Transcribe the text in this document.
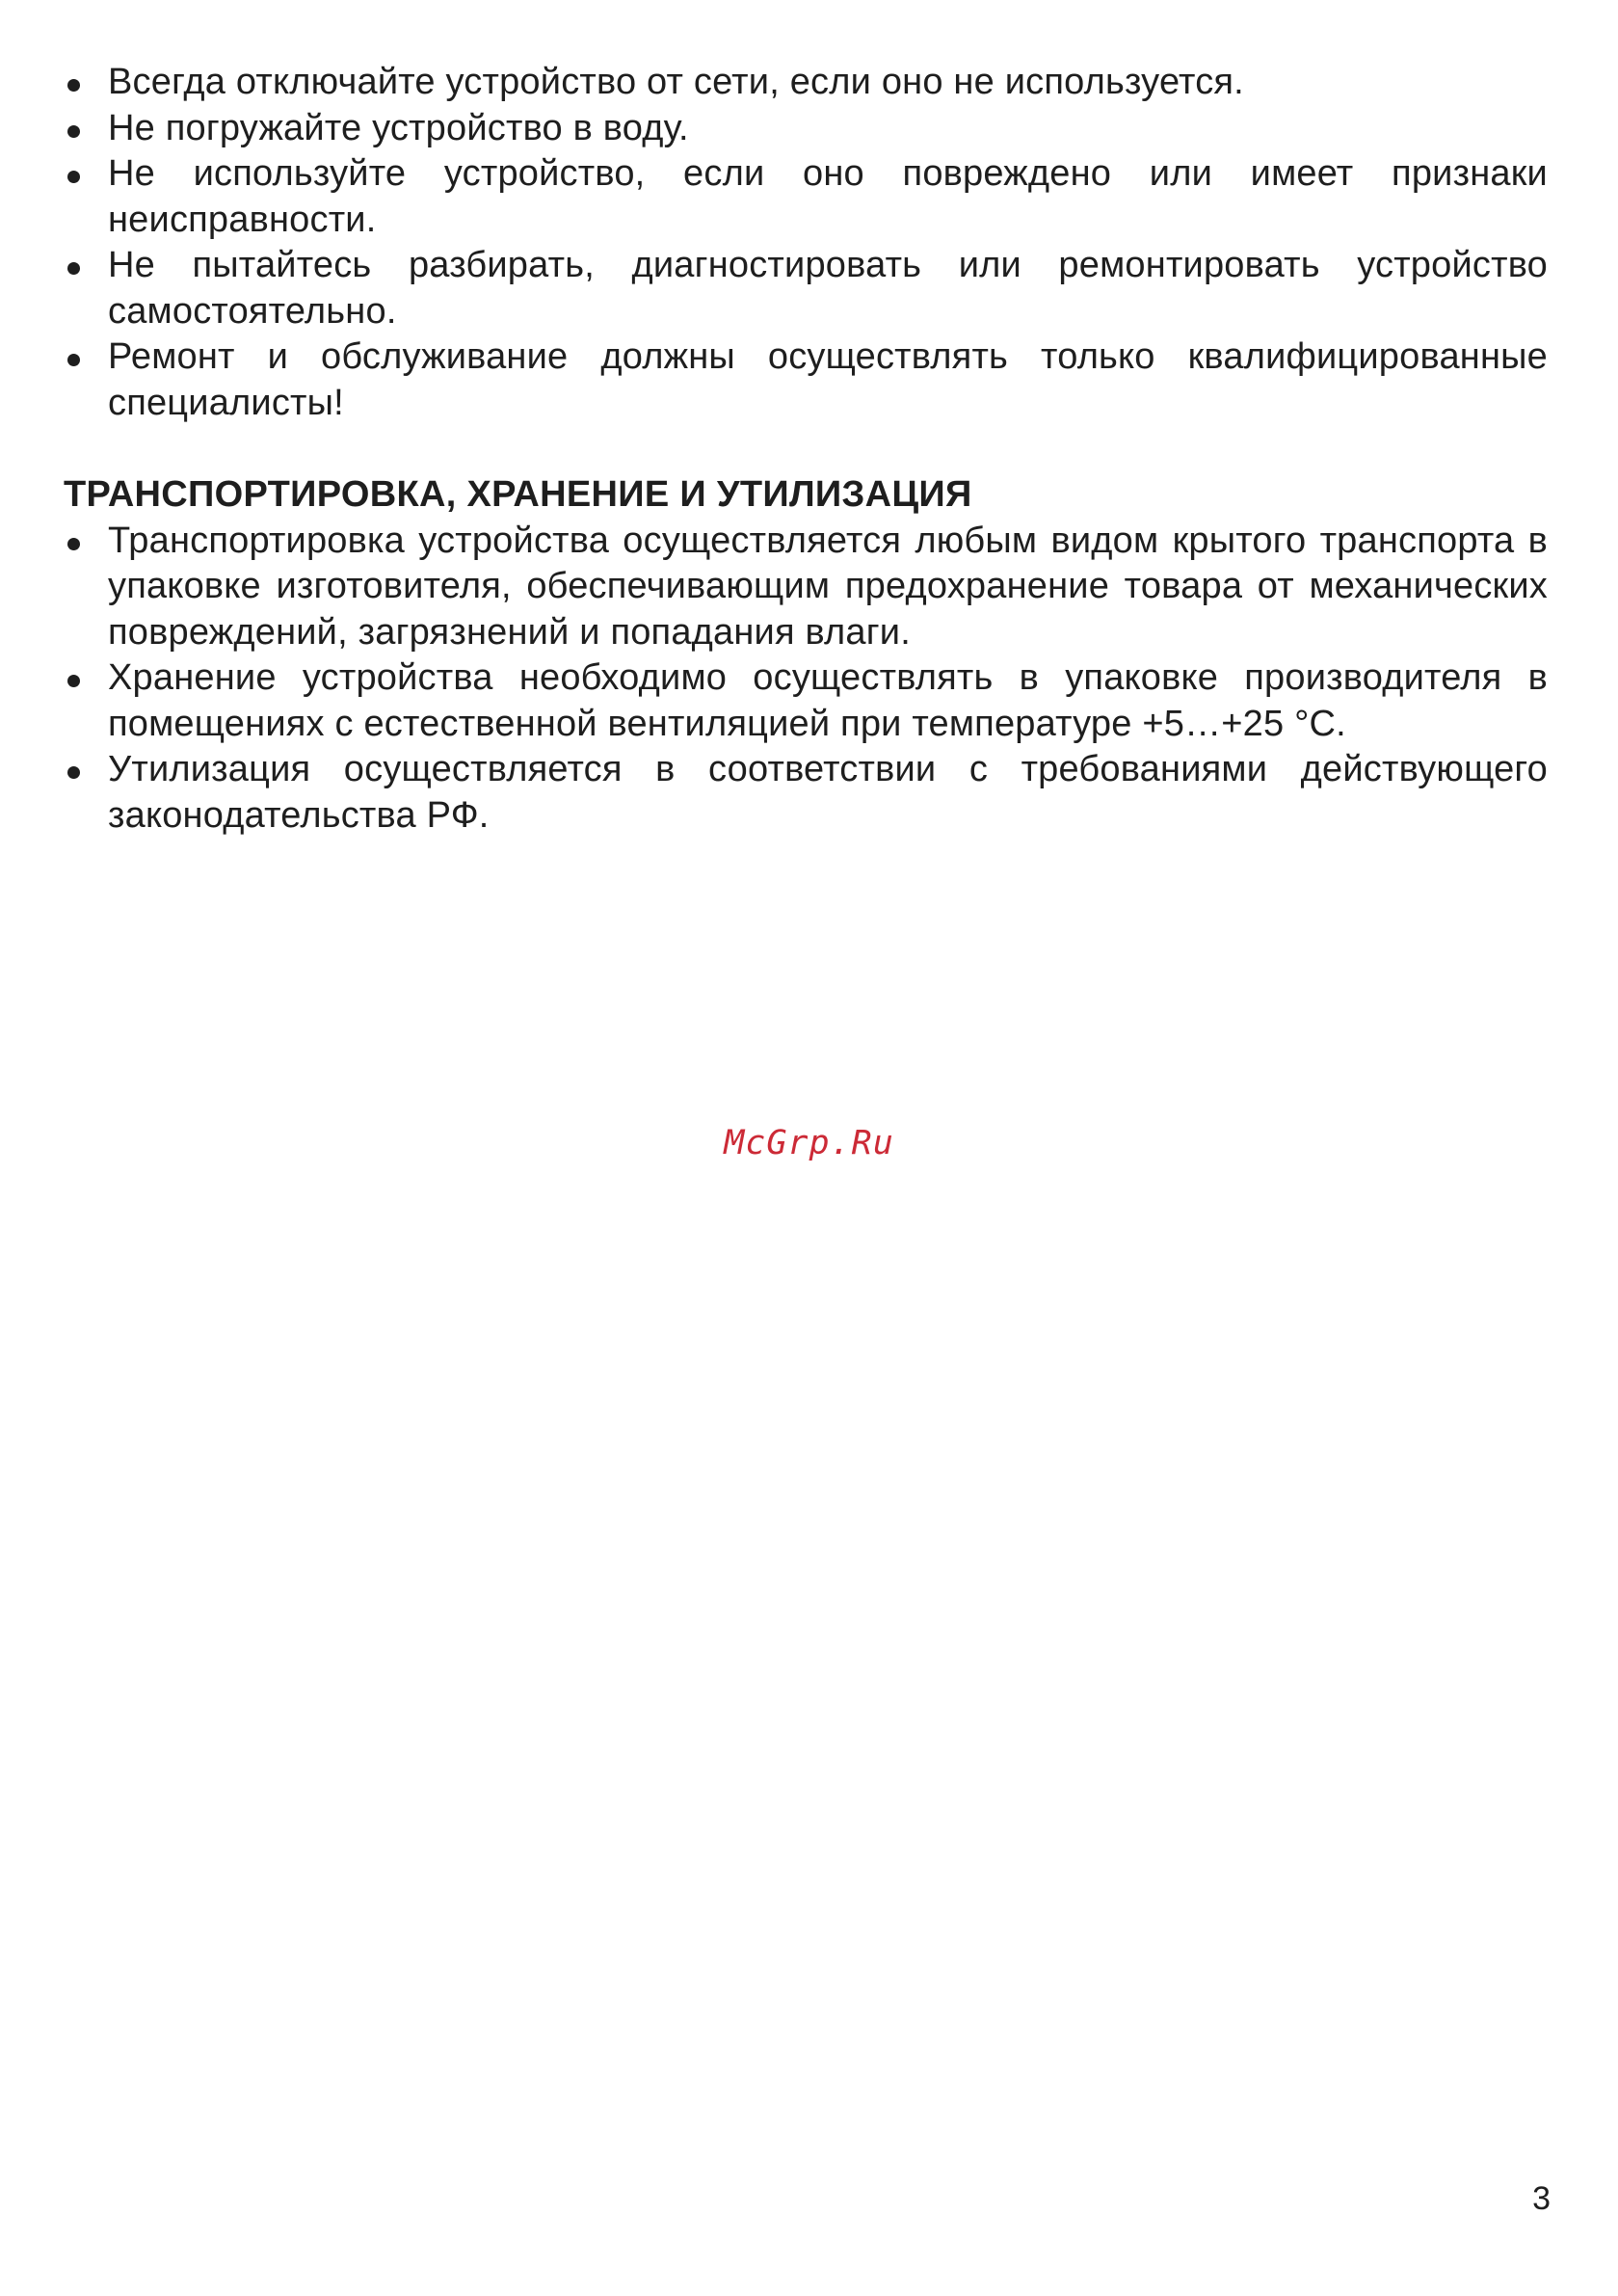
Всегда отключайте устройство от сети, если оно не используется.
Не погружайте устройство в воду.
Не используйте устройство, если оно повреждено или имеет признаки неисправности.
Не пытайтесь разбирать, диагностировать или ремонтировать устройство самостоятельно.
Ремонт и обслуживание должны осуществлять только квалифицированные специалисты!
ТРАНСПОРТИРОВКА, ХРАНЕНИЕ И УТИЛИЗАЦИЯ
Транспортировка устройства осуществляется любым видом крытого транспорта в упаковке изготовителя, обеспечивающим предохранение товара от механических повреждений, загрязнений и попадания влаги.
Хранение устройства необходимо осуществлять в упаковке производителя в помещениях с естественной вентиляцией при температуре +5…+25 °С.
Утилизация осуществляется в соответствии с требованиями действующего законодательства РФ.
McGrp.Ru
3
